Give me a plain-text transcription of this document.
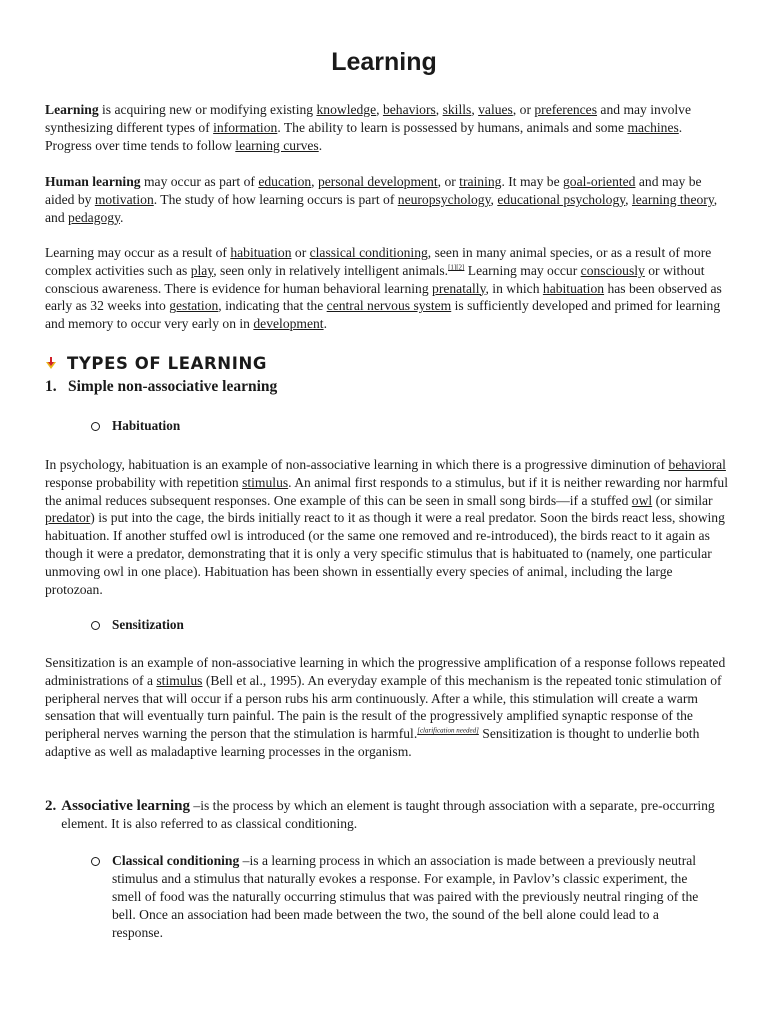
Learning
Learning is acquiring new or modifying existing knowledge, behaviors, skills, values, or preferences and may involve synthesizing different types of information. The ability to learn is possessed by humans, animals and some machines. Progress over time tends to follow learning curves.
Human learning may occur as part of education, personal development, or training. It may be goal-oriented and may be aided by motivation. The study of how learning occurs is part of neuropsychology, educational psychology, learning theory, and pedagogy.
Learning may occur as a result of habituation or classical conditioning, seen in many animal species, or as a result of more complex activities such as play, seen only in relatively intelligent animals.[1][2] Learning may occur consciously or without conscious awareness. There is evidence for human behavioral learning prenatally, in which habituation has been observed as early as 32 weeks into gestation, indicating that the central nervous system is sufficiently developed and primed for learning and memory to occur very early on in development.
TYPES OF LEARNING
1. Simple non-associative learning
Habituation
In psychology, habituation is an example of non-associative learning in which there is a progressive diminution of behavioral response probability with repetition stimulus. An animal first responds to a stimulus, but if it is neither rewarding nor harmful the animal reduces subsequent responses. One example of this can be seen in small song birds—if a stuffed owl (or similar predator) is put into the cage, the birds initially react to it as though it were a real predator. Soon the birds react less, showing habituation. If another stuffed owl is introduced (or the same one removed and re-introduced), the birds react to it again as though it were a predator, demonstrating that it is only a very specific stimulus that is habituated to (namely, one particular unmoving owl in one place). Habituation has been shown in essentially every species of animal, including the large protozoan.
Sensitization
Sensitization is an example of non-associative learning in which the progressive amplification of a response follows repeated administrations of a stimulus (Bell et al., 1995). An everyday example of this mechanism is the repeated tonic stimulation of peripheral nerves that will occur if a person rubs his arm continuously. After a while, this stimulation will create a warm sensation that will eventually turn painful. The pain is the result of the progressively amplified synaptic response of the peripheral nerves warning the person that the stimulation is harmful.[clarification needed] Sensitization is thought to underlie both adaptive as well as maladaptive learning processes in the organism.
2. Associative learning –is the process by which an element is taught through association with a separate, pre-occurring element. It is also referred to as classical conditioning.
Classical conditioning –is a learning process in which an association is made between a previously neutral stimulus and a stimulus that naturally evokes a response. For example, in Pavlov’s classic experiment, the smell of food was the naturally occurring stimulus that was paired with the previously neutral ringing of the bell. Once an association had been made between the two, the sound of the bell alone could lead to a response.
